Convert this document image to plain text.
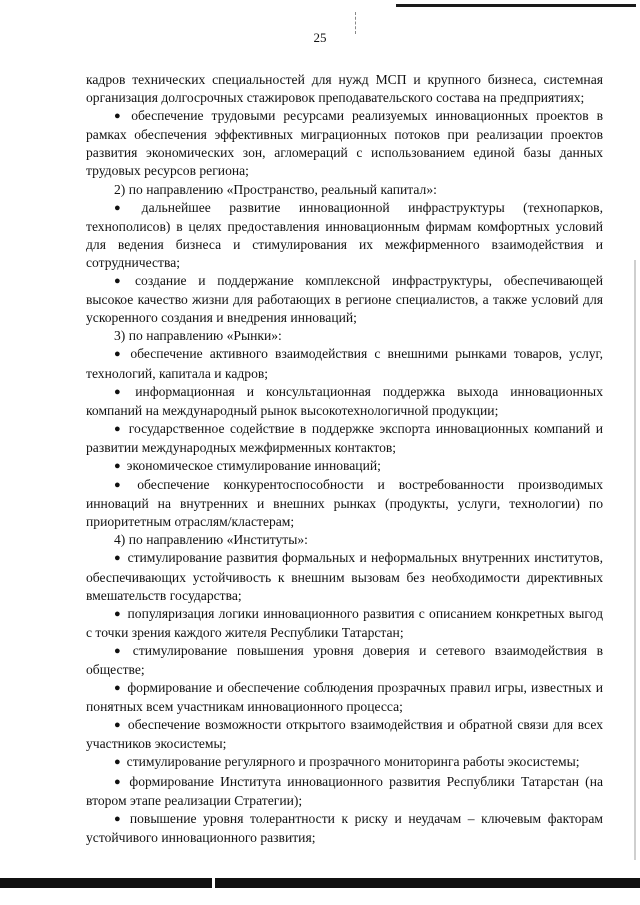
25

кадров технических специальностей для нужд МСП и крупного бизнеса, системная организация долгосрочных стажировок преподавательского состава на предприятиях;

● обеспечение трудовыми ресурсами реализуемых инновационных проектов в рамках обеспечения эффективных миграционных потоков при реализации проектов развития экономических зон, агломераций с использованием единой базы данных трудовых ресурсов региона;

2) по направлению «Пространство, реальный капитал»:

● дальнейшее развитие инновационной инфраструктуры (технопарков, технополисов) в целях предоставления инновационным фирмам комфортных условий для ведения бизнеса и стимулирования их межфирменного взаимодействия и сотрудничества;

● создание и поддержание комплексной инфраструктуры, обеспечивающей высокое качество жизни для работающих в регионе специалистов, а также условий для ускоренного создания и внедрения инноваций;

3) по направлению «Рынки»:

● обеспечение активного взаимодействия с внешними рынками товаров, услуг, технологий, капитала и кадров;

● информационная и консультационная поддержка выхода инновационных компаний на международный рынок высокотехнологичной продукции;

● государственное содействие в поддержке экспорта инновационных компаний и развитии международных межфирменных контактов;

● экономическое стимулирование инноваций;

● обеспечение конкурентоспособности и востребованности производимых инноваций на внутренних и внешних рынках (продукты, услуги, технологии) по приоритетным отраслям/кластерам;

4) по направлению «Институты»:

● стимулирование развития формальных и неформальных внутренних институтов, обеспечивающих устойчивость к внешним вызовам без необходимости директивных вмешательств государства;

● популяризация логики инновационного развития с описанием конкретных выгод с точки зрения каждого жителя Республики Татарстан;

● стимулирование повышения уровня доверия и сетевого взаимодействия в обществе;

● формирование и обеспечение соблюдения прозрачных правил игры, известных и понятных всем участникам инновационного процесса;

● обеспечение возможности открытого взаимодействия и обратной связи для всех участников экосистемы;

● стимулирование регулярного и прозрачного мониторинга работы экосистемы;

● формирование Института инновационного развития Республики Татарстан (на втором этапе реализации Стратегии);

● повышение уровня толерантности к риску и неудачам – ключевым факторам устойчивого инновационного развития;
